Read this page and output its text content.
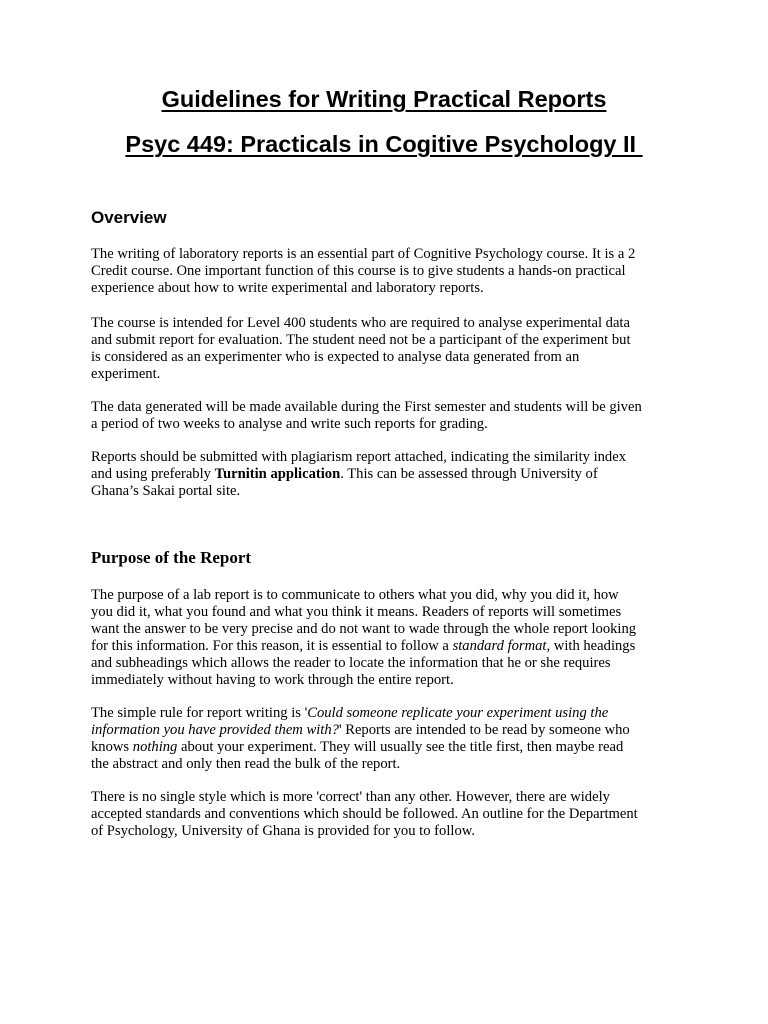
Guidelines for Writing Practical Reports
Psyc 449: Practicals in Cogitive Psychology II
Overview

The writing of laboratory reports is an essential part of Cognitive Psychology course. It is a 2
Credit course. One important function of this course is to give students a hands-on practical
experience about how to write experimental and laboratory reports.

The course is intended for Level 400 students who are required to analyse experimental data
and submit report for evaluation. The student need not be a participant of the experiment but
is considered as an experimenter who is expected to analyse data generated from an
experiment.

The data generated will be made available during the First semester and students will be given
a period of two weeks to analyse and write such reports for grading.

Reports should be submitted with plagiarism report attached, indicating the similarity index
and using preferably Turnitin application. This can be assessed through University of
Ghana’s Sakai portal site.

Purpose of the Report

The purpose of a lab report is to communicate to others what you did, why you did it, how
you did it, what you found and what you think it means. Readers of reports will sometimes
want the answer to be very precise and do not want to wade through the whole report looking
for this information. For this reason, it is essential to follow a standard format, with headings
and subheadings which allows the reader to locate the information that he or she requires
immediately without having to work through the entire report.

The simple rule for report writing is 'Could someone replicate your experiment using the
information you have provided them with?' Reports are intended to be read by someone who
knows nothing about your experiment. They will usually see the title first, then maybe read
the abstract and only then read the bulk of the report.

There is no single style which is more 'correct' than any other. However, there are widely
accepted standards and conventions which should be followed. An outline for the Department
of Psychology, University of Ghana is provided for you to follow.
